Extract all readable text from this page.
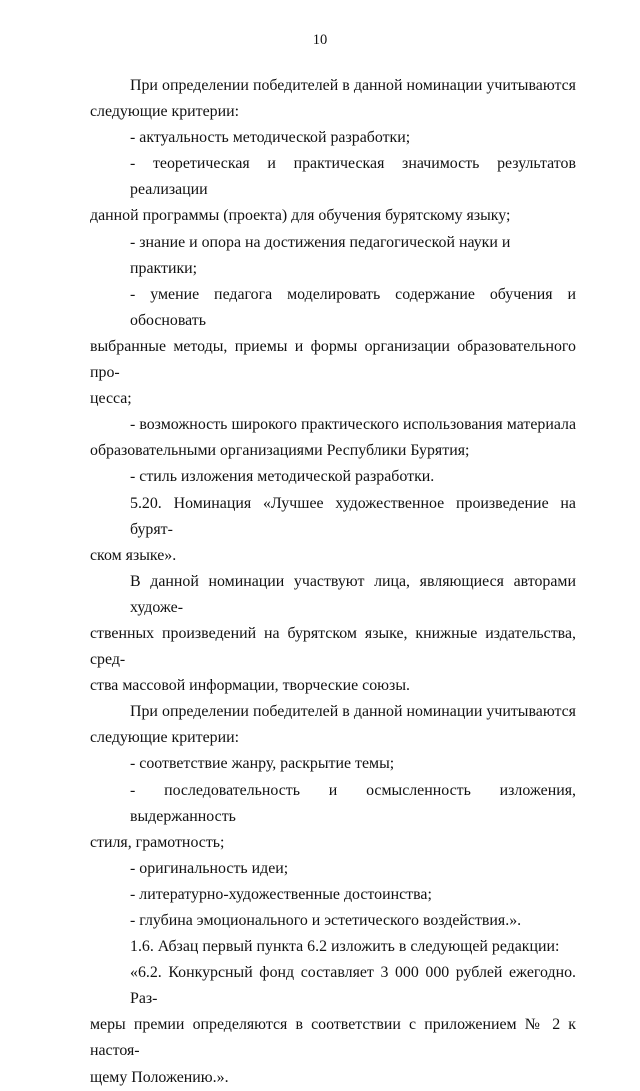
10
При определении победителей в данной номинации учитываются
следующие критерии:
- актуальность методической разработки;
- теоретическая и практическая значимость результатов реализации
данной программы (проекта) для обучения бурятскому языку;
- знание и опора на достижения педагогической науки и практики;
- умение педагога моделировать содержание обучения и обосновать
выбранные методы, приемы и формы организации образовательного про-
цесса;
- возможность широкого практического использования материала
образовательными организациями Республики Бурятия;
- стиль изложения методической разработки.
5.20. Номинация «Лучшее художественное произведение на бурят-
ском языке».
В данной номинации участвуют лица, являющиеся авторами художе-
ственных произведений на бурятском языке, книжные издательства, сред-
ства массовой информации, творческие союзы.
При определении победителей в данной номинации учитываются
следующие критерии:
- соответствие жанру, раскрытие темы;
- последовательность и осмысленность изложения, выдержанность
стиля, грамотность;
- оригинальность идеи;
- литературно-художественные достоинства;
- глубина эмоционального и эстетического воздействия.».
1.6. Абзац первый пункта 6.2 изложить в следующей редакции:
«6.2. Конкурсный фонд составляет 3 000 000 рублей ежегодно. Раз-
меры премии определяются в соответствии с приложением № 2 к настоя-
щему Положению.».
